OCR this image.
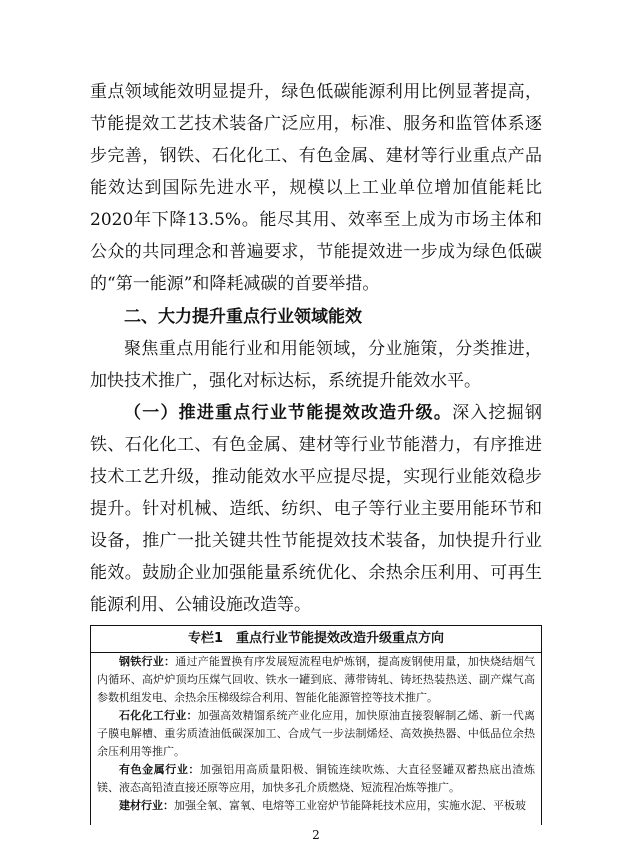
重点领域能效明显提升，绿色低碳能源利用比例显著提高，节能提效工艺技术装备广泛应用，标准、服务和监管体系逐步完善，钢铁、石化化工、有色金属、建材等行业重点产品能效达到国际先进水平，规模以上工业单位增加值能耗比2020年下降13.5%。能尽其用、效率至上成为市场主体和公众的共同理念和普遍要求，节能提效进一步成为绿色低碳的“第一能源”和降耗减碳的首要举措。

二、大力提升重点行业领域能效

聚焦重点用能行业和用能领域，分业施策，分类推进，加快技术推广，强化对标达标，系统提升能效水平。

（一）推进重点行业节能提效改造升级。深入挖掘钢铁、石化化工、有色金属、建材等行业节能潜力，有序推进技术工艺升级，推动能效水平应提尽提，实现行业能效稳步提升。针对机械、造纸、纺织、电子等行业主要用能环节和设备，推广一批关键共性节能提效技术装备，加快提升行业能效。鼓励企业加强能量系统优化、余热余压利用、可再生能源利用、公辅设施改造等。

专栏1　重点行业节能提效改造升级重点方向
钢铁行业：通过产能置换有序发展短流程电炉炼钢，提高废钢使用量，加快烧结烟气内循环、高炉炉顶均压煤气回收、铁水一罐到底、薄带铸轧、铸坯热装热送、副产煤气高参数机组发电、余热余压梯级综合利用、智能化能源管控等技术推广。
石化化工行业：加强高效精馏系统产业化应用，加快原油直接裂解制乙烯、新一代离子膜电解槽、重劣质渣油低碳深加工、合成气一步法制烯烃、高效换热器、中低品位余热余压利用等推广。
有色金属行业：加强铝用高质量阳极、铜锍连续吹炼、大直径竖罐双蓄热底出渣炼镁、液态高铅渣直接还原等应用，加快多孔介质燃烧、短流程冶炼等推广。
建材行业：加强全氧、富氧、电熔等工业窑炉节能降耗技术应用，实施水泥、平板玻
2
